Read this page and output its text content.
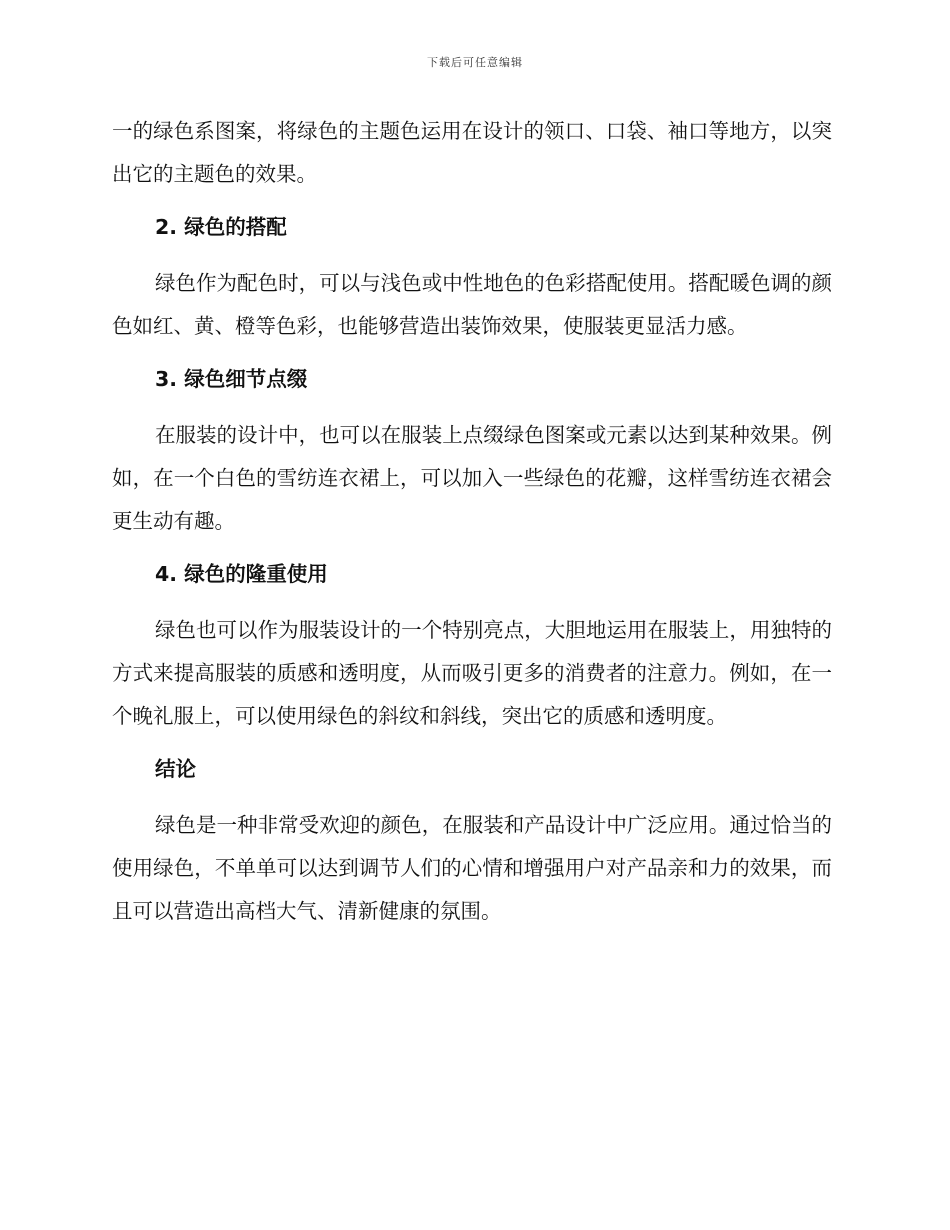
下载后可任意编辑

一的绿色系图案，将绿色的主题色运用在设计的领口、口袋、袖口等地方，以突出它的主题色的效果。

2. 绿色的搭配

绿色作为配色时，可以与浅色或中性地色的色彩搭配使用。搭配暖色调的颜色如红、黄、橙等色彩，也能够营造出装饰效果，使服装更显活力感。

3. 绿色细节点缀

在服装的设计中，也可以在服装上点缀绿色图案或元素以达到某种效果。例如，在一个白色的雪纺连衣裙上，可以加入一些绿色的花瓣，这样雪纺连衣裙会更生动有趣。

4. 绿色的隆重使用

绿色也可以作为服装设计的一个特别亮点，大胆地运用在服装上，用独特的方式来提高服装的质感和透明度，从而吸引更多的消费者的注意力。例如，在一个晚礼服上，可以使用绿色的斜纹和斜线，突出它的质感和透明度。

结论

绿色是一种非常受欢迎的颜色，在服装和产品设计中广泛应用。通过恰当的使用绿色，不单单可以达到调节人们的心情和增强用户对产品亲和力的效果，而且可以营造出高档大气、清新健康的氛围。
